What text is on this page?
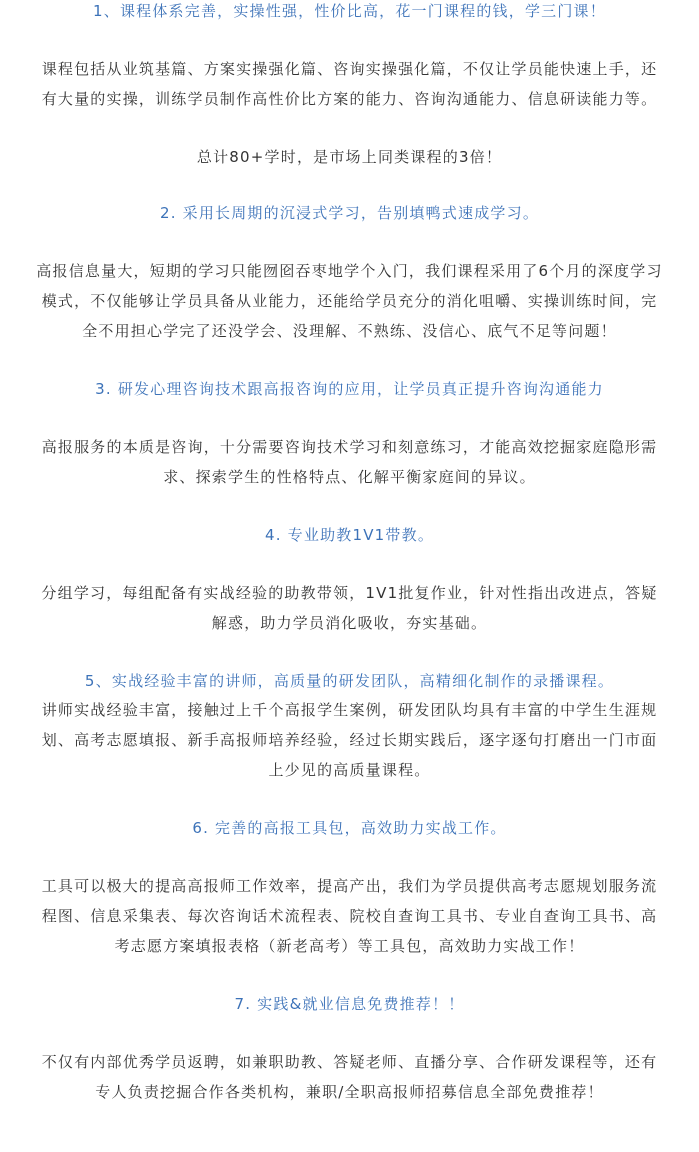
1、课程体系完善，实操性强，性价比高，花一门课程的钱，学三门课！
课程包括从业筑基篇、方案实操强化篇、咨询实操强化篇，不仅让学员能快速上手，还
有大量的实操，训练学员制作高性价比方案的能力、咨询沟通能力、信息研读能力等。
总计80+学时，是市场上同类课程的3倍！
2. 采用长周期的沉浸式学习，告别填鸭式速成学习。
高报信息量大，短期的学习只能囫囵吞枣地学个入门，我们课程采用了6个月的深度学习
模式，不仅能够让学员具备从业能力，还能给学员充分的消化咀嚼、实操训练时间，完
全不用担心学完了还没学会、没理解、不熟练、没信心、底气不足等问题！
3. 研发心理咨询技术跟高报咨询的应用，让学员真正提升咨询沟通能力
高报服务的本质是咨询，十分需要咨询技术学习和刻意练习，才能高效挖掘家庭隐形需
求、探索学生的性格特点、化解平衡家庭间的异议。
4. 专业助教1V1带教。
分组学习，每组配备有实战经验的助教带领，1V1批复作业，针对性指出改进点，答疑
解惑，助力学员消化吸收，夯实基础。
5、实战经验丰富的讲师，高质量的研发团队，高精细化制作的录播课程。
讲师实战经验丰富，接触过上千个高报学生案例，研发团队均具有丰富的中学生生涯规
划、高考志愿填报、新手高报师培养经验，经过长期实践后，逐字逐句打磨出一门市面
上少见的高质量课程。
6. 完善的高报工具包，高效助力实战工作。
工具可以极大的提高高报师工作效率，提高产出，我们为学员提供高考志愿规划服务流
程图、信息采集表、每次咨询话术流程表、院校自查询工具书、专业自查询工具书、高
考志愿方案填报表格（新老高考）等工具包，高效助力实战工作！
7. 实践&就业信息免费推荐！！
不仅有内部优秀学员返聘，如兼职助教、答疑老师、直播分享、合作研发课程等，还有
专人负责挖掘合作各类机构，兼职/全职高报师招募信息全部免费推荐！
